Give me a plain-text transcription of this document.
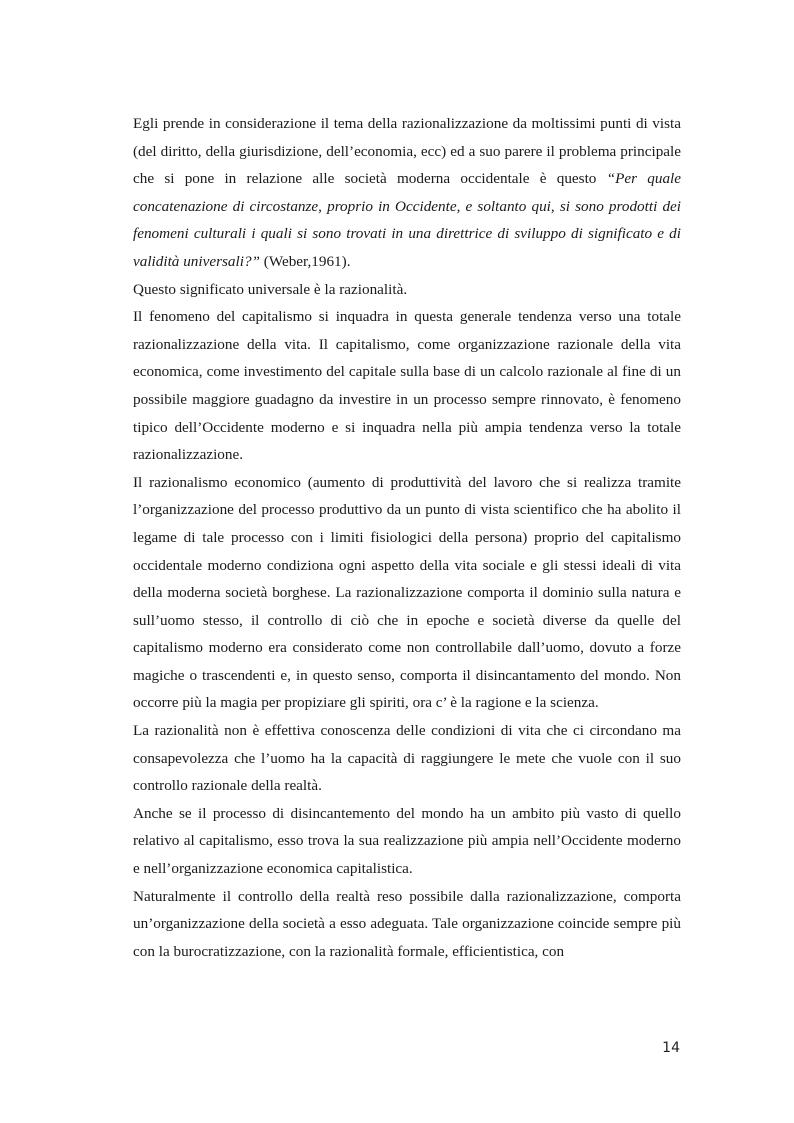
Egli prende in considerazione il tema della razionalizzazione da moltissimi punti di vista (del diritto, della giurisdizione, dell’economia, ecc) ed a suo parere il problema principale che si pone in relazione alle società moderna occidentale è questo “Per quale concatenazione di circostanze, proprio in Occidente, e soltanto qui, si sono prodotti dei fenomeni culturali i quali si sono trovati in una direttrice di sviluppo di significato e di validità universali?” (Weber,1961).

Questo significato universale è la razionalità.

Il fenomeno del capitalismo si inquadra in questa generale tendenza verso una totale razionalizzazione della vita. Il capitalismo, come organizzazione razionale della vita economica, come investimento del capitale sulla base di un calcolo razionale al fine di un possibile maggiore guadagno da investire in un processo sempre rinnovato, è fenomeno tipico dell’Occidente moderno e si inquadra nella più ampia tendenza verso la totale razionalizzazione.

Il razionalismo economico (aumento di produttività del lavoro che si realizza tramite l’organizzazione del processo produttivo da un punto di vista scientifico che ha abolito il legame di tale processo con i limiti fisiologici della persona) proprio del capitalismo occidentale moderno condiziona ogni aspetto della vita sociale e gli stessi ideali di vita della moderna società borghese. La razionalizzazione comporta il dominio sulla natura e sull’uomo stesso, il controllo di ciò che in epoche e società diverse da quelle del capitalismo moderno era considerato come non controllabile dall’uomo, dovuto a forze magiche o trascendenti e, in questo senso, comporta il disincantamento del mondo. Non occorre più la magia per propiziare gli spiriti, ora c’ è la ragione e la scienza.

La razionalità non è effettiva conoscenza delle condizioni di vita che ci circondano ma consapevolezza che l’uomo ha la capacità di raggiungere le mete che vuole con il suo controllo razionale della realtà.

Anche se il processo di disincantemento del mondo ha un ambito più vasto di quello relativo al capitalismo, esso trova la sua realizzazione più ampia nell’Occidente moderno e nell’organizzazione economica capitalistica.

Naturalmente il controllo della realtà reso possibile dalla razionalizzazione, comporta un’organizzazione della società a esso adeguata. Tale organizzazione coincide sempre più con la burocratizzazione, con la razionalità formale, efficientistica, con

14
